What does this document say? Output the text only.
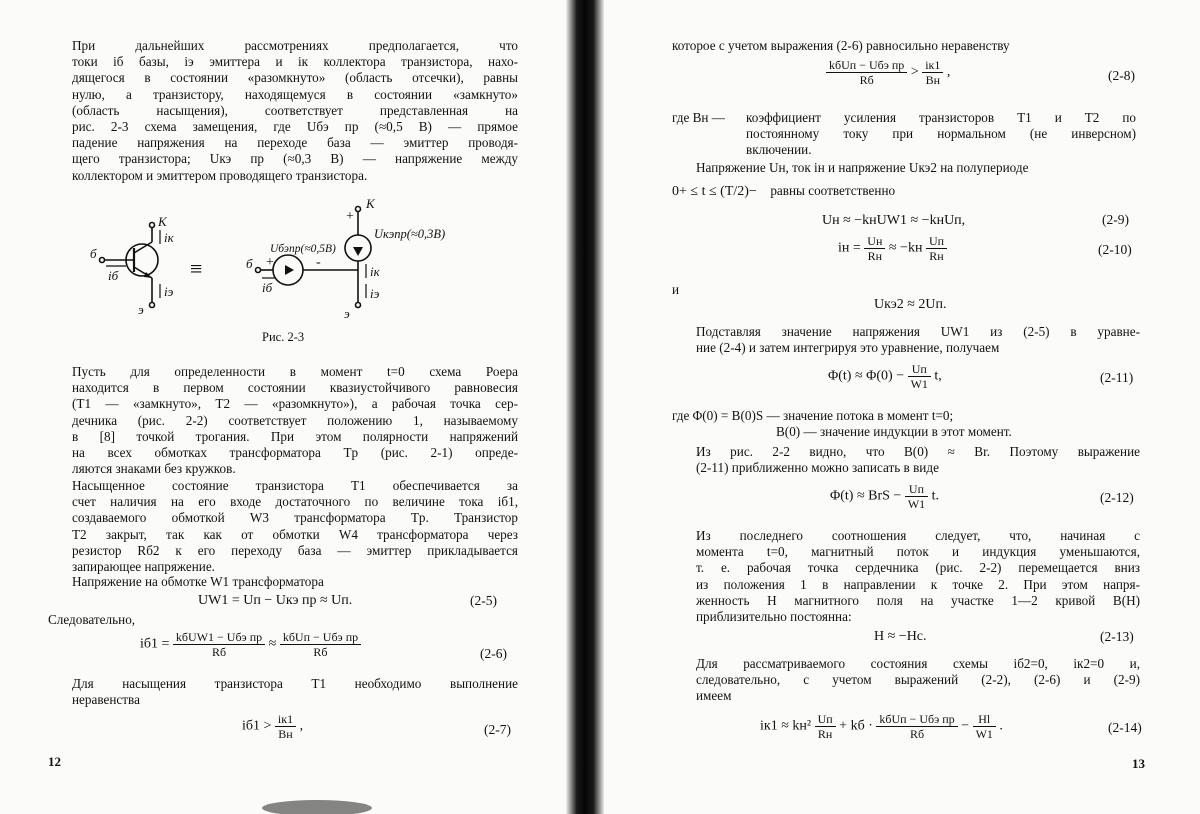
При дальнейших рассмотрениях предполагается, что
токи iб базы, iэ эмиттера и iк коллектора транзистора, нахо-
дящегося в состоянии «разомкнуто» (область отсечки), равны
нулю, а транзистору, находящемуся в состоянии «замкнуто»
(область насыщения), соответствует представленная на
рис. 2-3 схема замещения, где Uбэ пр (≈0,5 В) — прямое
падение напряжения на переходе база — эмиттер проводя-
щего транзистора; Uкэ пр (≈0,3 В) — напряжение между
коллектором и эмиттером проводящего транзистора.
б
К
iк
iб
iэ
э
б
iб
Uбэпр(≈0,5В)
Uкэпр(≈0,3В)
К
iк
iэ
э
+	-
+
≡
Рис. 2-3
Пусть для определенности в момент t=0 схема Роера
находится в первом состоянии квазиустойчивого равновесия
(T1 — «замкнуто», T2 — «разомкнуто»), а рабочая точка сер-
дечника (рис. 2-2) соответствует положению 1, называемому
в [8] точкой трогания. При этом полярности напряжений
на всех обмотках трансформатора Tp (рис. 2-1) опреде-
ляются знаками без кружков.
Насыщенное состояние транзистора T1 обеспечивается за
счет наличия на его входе достаточного по величине тока iб1,
создаваемого обмоткой W3 трансформатора Tp. Транзистор
T2 закрыт, так как от обмотки W4 трансформатора через
резистор Rб2 к его переходу база — эмиттер прикладывается
запирающее напряжение.
Напряжение на обмотке W1 трансформатора
UW1 = Uп − Uкэ пр ≈ Uп.	(2-5)
Следовательно,
$iб1 = \frac{\text{kбUW1 − Uбэ пр}}{Rб} \approx \frac{\text{kбUп − Uбэ пр}}{Rб}$	(2-6)
Для насыщения транзистора T1 необходимо выполнение
неравенства
$iб1 > \frac{iк1}{Bн}$ ,	(2-7)
12
которое с учетом выражения (2-6) равносильно неравенству
$\frac{\text{kбUп − Uбэ пр}}{Rб} > \frac{iк1}{Bн}$ ,	(2-8)
где Bн — коэффициент усиления транзисторов T1 и T2 по
постоянному току при нормальном (не инверсном)
включении.
Напряжение Uн, ток iн и напряжение Uкэ2 на полупериоде
0+ ≤ t ≤ (T/2)− равны соответственно
Uн ≈ −kнUW1 ≈ −kнUп,	(2-9)
iн = $\frac{Uн}{Rн} \approx -kн \frac{Uп}{Rн}$	(2-10)
и
Uкэ2 ≈ 2Uп.
Подставляя значение напряжения UW1 из (2-5) в уравне-
ние (2-4) и затем интегрируя это уравнение, получаем
$\Phi(t) \approx \Phi(0) - \frac{Uп}{W1} t$,	(2-11)
где Φ(0) = B(0)S — значение потока в момент t=0;
B(0) — значение индукции в этот момент.
Из рис. 2-2 видно, что B(0) ≈ Br. Поэтому выражение
(2-11) приближенно можно записать в виде
Φ(t) ≈ BrS − $\frac{Uп}{W1} t$.	(2-12)
Из последнего соотношения следует, что, начиная с
момента t=0, магнитный поток и индукция уменьшаются,
т. е. рабочая точка сердечника (рис. 2-2) перемещается вниз
из положения 1 в направлении к точке 2. При этом напря-
женность H магнитного поля на участке 1—2 кривой B(H)
приблизительно постоянна:
H ≈ −Hc.	(2-13)
Для рассматриваемого состояния схемы iб2=0, iк2=0 и,
следовательно, с учетом выражений (2-2), (2-6) и (2-9)
имеем
$iк1 \approx kн^2 \frac{Uп}{Rн}$ + kб · $\frac{\text{kбUп − Uбэ пр}}{Rб} - \frac{Hl}{W1}$ .	(2-14)
13
